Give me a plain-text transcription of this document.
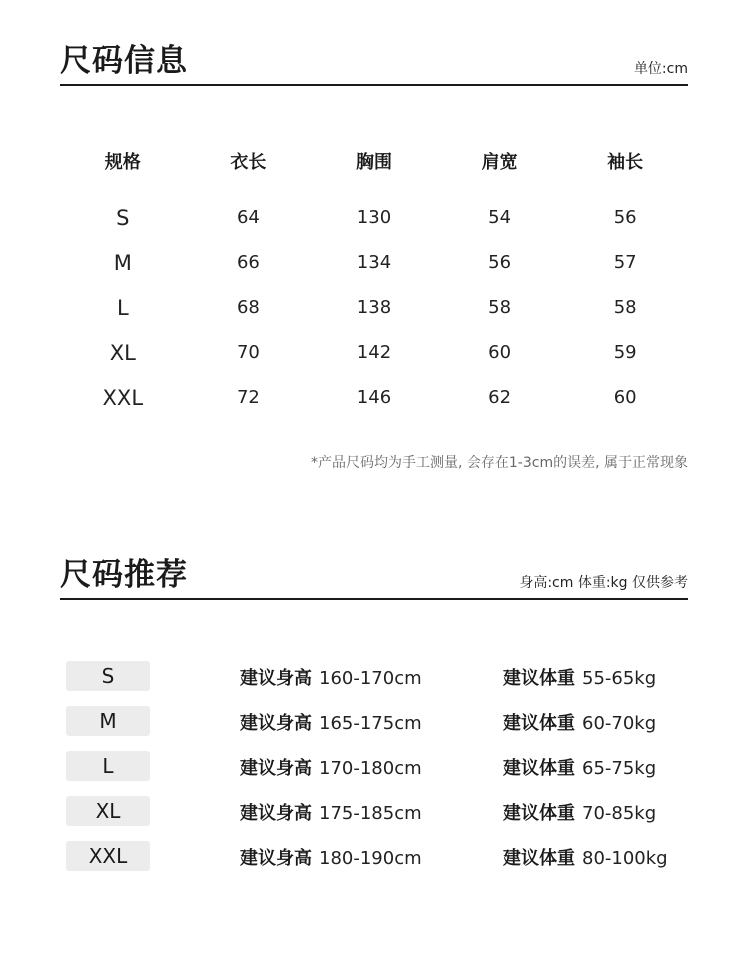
尺码信息	单位:cm
规格	衣长	胸围	肩宽	袖长
S	64	130	54	56
M	66	134	56	57
L	68	138	58	58
XL	70	142	60	59
XXL	72	146	62	60
*产品尺码均为手工测量, 会存在1-3cm的误差, 属于正常现象
尺码推荐	身高:cm 体重:kg 仅供参考
S	建议身高 160-170cm	建议体重 55-65kg
M	建议身高 165-175cm	建议体重 60-70kg
L	建议身高 170-180cm	建议体重 65-75kg
XL	建议身高 175-185cm	建议体重 70-85kg
XXL	建议身高 180-190cm	建议体重 80-100kg
